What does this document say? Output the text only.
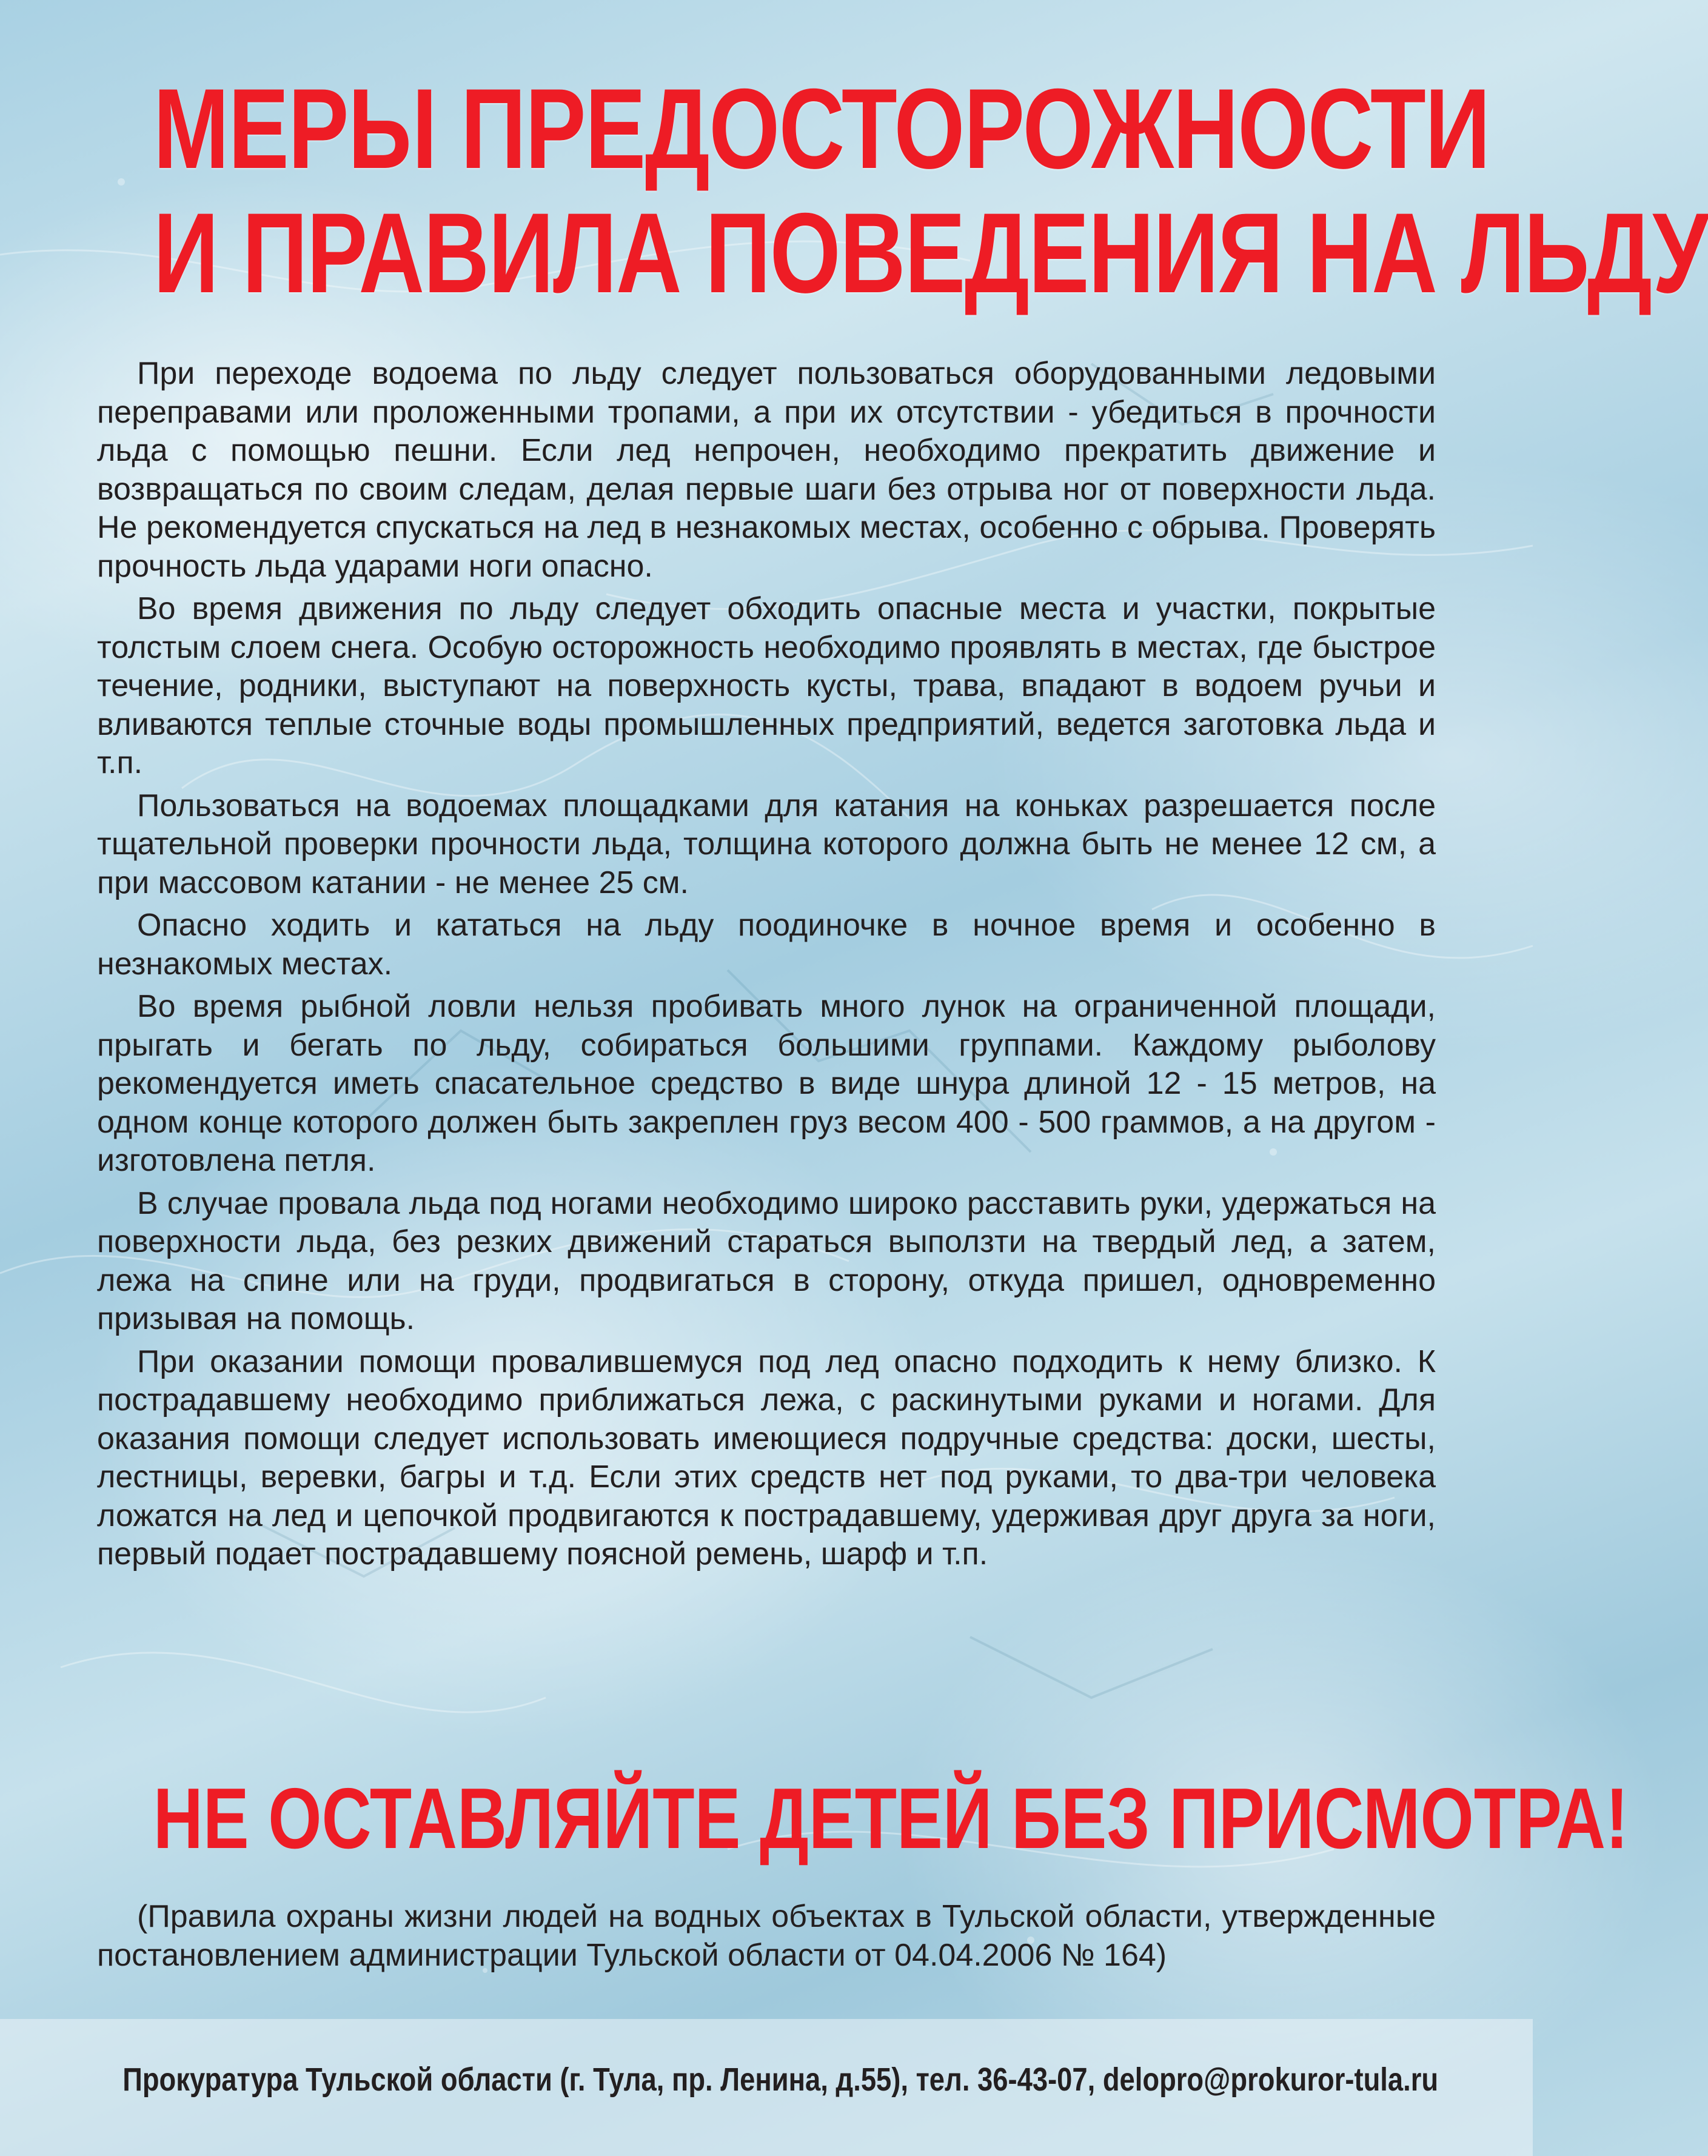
МЕРЫ ПРЕДОСТОРОЖНОСТИ
И ПРАВИЛА ПОВЕДЕНИЯ НА ЛЬДУ

При переходе водоема по льду следует пользоваться оборудованными ледовыми переправами или проложенными тропами, а при их отсутствии - убедиться в прочности льда с помощью пешни. Если лед непрочен, необходимо прекратить движение и возвращаться по своим следам, делая первые шаги без отрыва ног от поверхности льда. Не рекомендуется спускаться на лед в незнакомых местах, особенно с обрыва. Проверять прочность льда ударами ноги опасно.

Во время движения по льду следует обходить опасные места и участки, покрытые толстым слоем снега. Особую осторожность необходимо проявлять в местах, где быстрое течение, родники, выступают на поверхность кусты, трава, впадают в водоем ручьи и вливаются теплые сточные воды промышленных предприятий, ведется заготовка льда и т.п.

Пользоваться на водоемах площадками для катания на коньках разрешается после тщательной проверки прочности льда, толщина которого должна быть не менее 12 см, а при массовом катании - не менее 25 см.

Опасно ходить и кататься на льду поодиночке в ночное время и особенно в незнакомых местах.

Во время рыбной ловли нельзя пробивать много лунок на ограниченной площади, прыгать и бегать по льду, собираться большими группами. Каждому рыболову рекомендуется иметь спасательное средство в виде шнура длиной 12 - 15 метров, на одном конце которого должен быть закреплен груз весом 400 - 500 граммов, а на другом - изготовлена петля.

В случае провала льда под ногами необходимо широко расставить руки, удержаться на поверхности льда, без резких движений стараться выползти на твердый лед, а затем, лежа на спине или на груди, продвигаться в сторону, откуда пришел, одновременно призывая на помощь.

При оказании помощи провалившемуся под лед опасно подходить к нему близко. К пострадавшему необходимо приближаться лежа, с раскинутыми руками и ногами. Для оказания помощи следует использовать имеющиеся подручные средства: доски, шесты, лестницы, веревки, багры и т.д. Если этих средств нет под руками, то два-три человека ложатся на лед и цепочкой продвигаются к пострадавшему, удерживая друг друга за ноги, первый подает пострадавшему поясной ремень, шарф и т.п.

НЕ ОСТАВЛЯЙТЕ ДЕТЕЙ БЕЗ ПРИСМОТРА!
(Правила охраны жизни людей на водных объектах в Тульской области, утвержденные постановлением администрации Тульской области от 04.04.2006 № 164)
Прокуратура Тульской области (г. Тула, пр. Ленина, д.55), тел. 36-43-07, delopro@prokuror-tula.ru
